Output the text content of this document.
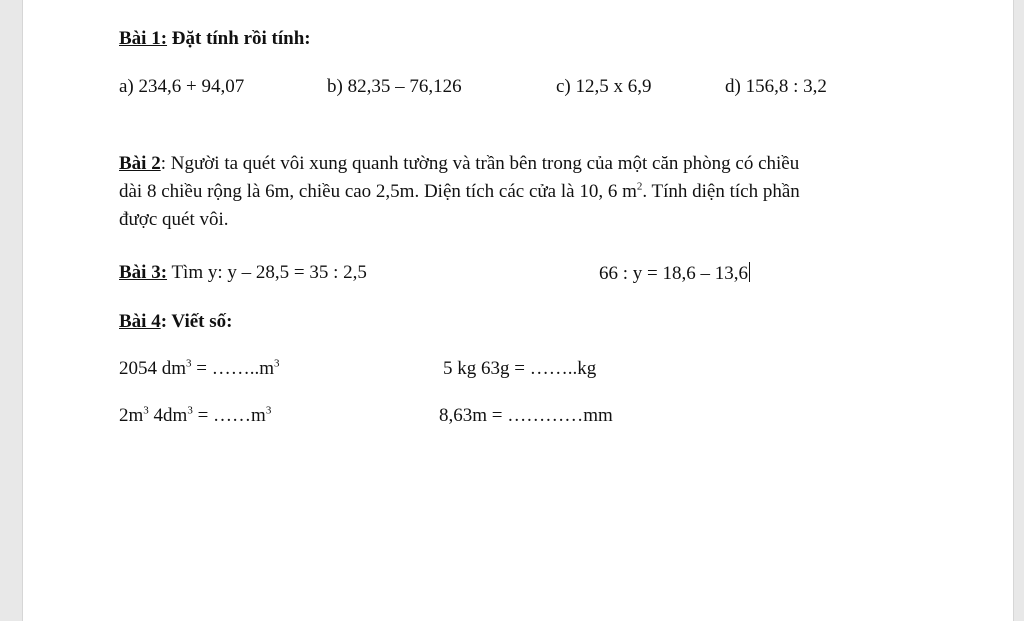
Bài 1: Đặt tính rồi tính:
a) 234,6 + 94,07	b) 82,35 – 76,126	c) 12,5 x 6,9	d) 156,8 : 3,2
Bài 2: Người ta quét vôi xung quanh tường và trần bên trong của một căn phòng có chiều
dài 8 chiều rộng là 6m, chiều cao 2,5m. Diện tích các cửa là 10, 6 $m^2$. Tính diện tích phần
được quét vôi.
Bài 3: Tìm y: y – 28,5 = 35 : 2,5	66 : y = 18,6 – 13,6
Bài 4: Viết số:
2054 $dm^3$ = $\dots\dots..m^3$	5 kg 63g = ……..kg
$2m^3$ $4dm^3$ = $\dots\dots m^3$	8,63m = …………mm
